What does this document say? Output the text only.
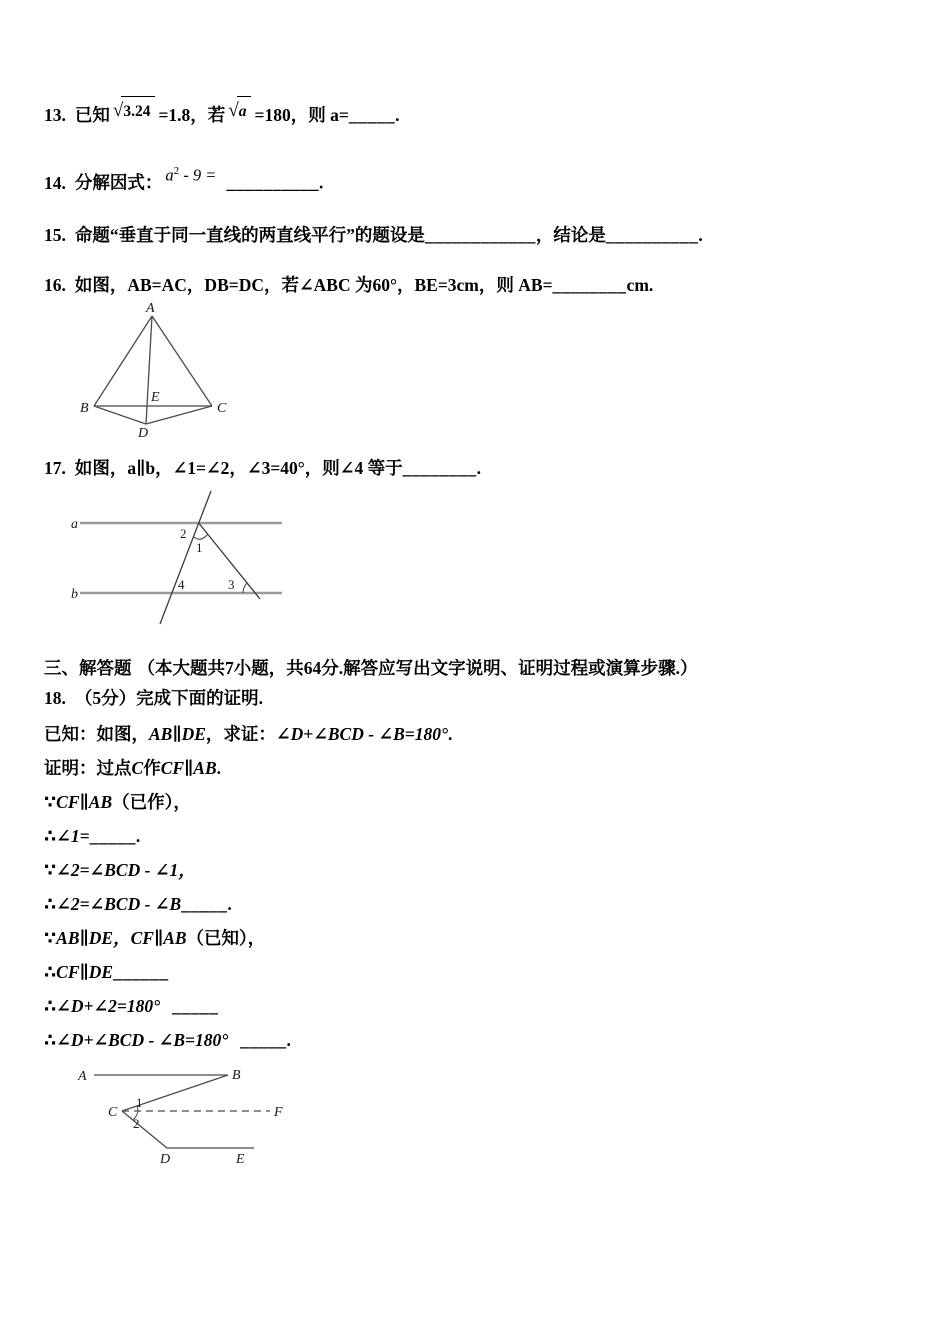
13. 已知 √3.24 =1.8，若 √a =180，则 a=_____.

14. 分解因式： $a^2 - 9$ = __________.

15. 命题“垂直于同一直线的两直线平行”的题设是____________，结论是__________.

16. 如图，AB=AC，DB=DC，若∠ABC 为60°，BE=3cm，则 AB=________cm.

A
B	C
D
E

17. 如图，a∥b，∠1=∠2，∠3=40°，则∠4 等于________.

a
b
2
1
4	3

三、解答题 （本大题共7小题，共64分.解答应写出文字说明、证明过程或演算步骤.）

18. （5分）完成下面的证明.

已知：如图，AB∥DE，求证：∠D+∠BCD - ∠B=180°.

证明：过点C作CF∥AB.

∵CF∥AB（已作），

∴∠1=_____.

∵∠2=∠BCD - ∠1，

∴∠2=∠BCD - ∠B_____.

∵AB∥DE，CF∥AB（已知），

∴CF∥DE______

∴∠D+∠2=180° _____

∴∠D+∠BCD - ∠B=180° _____.

A	B
C	F
D	E
1
2
